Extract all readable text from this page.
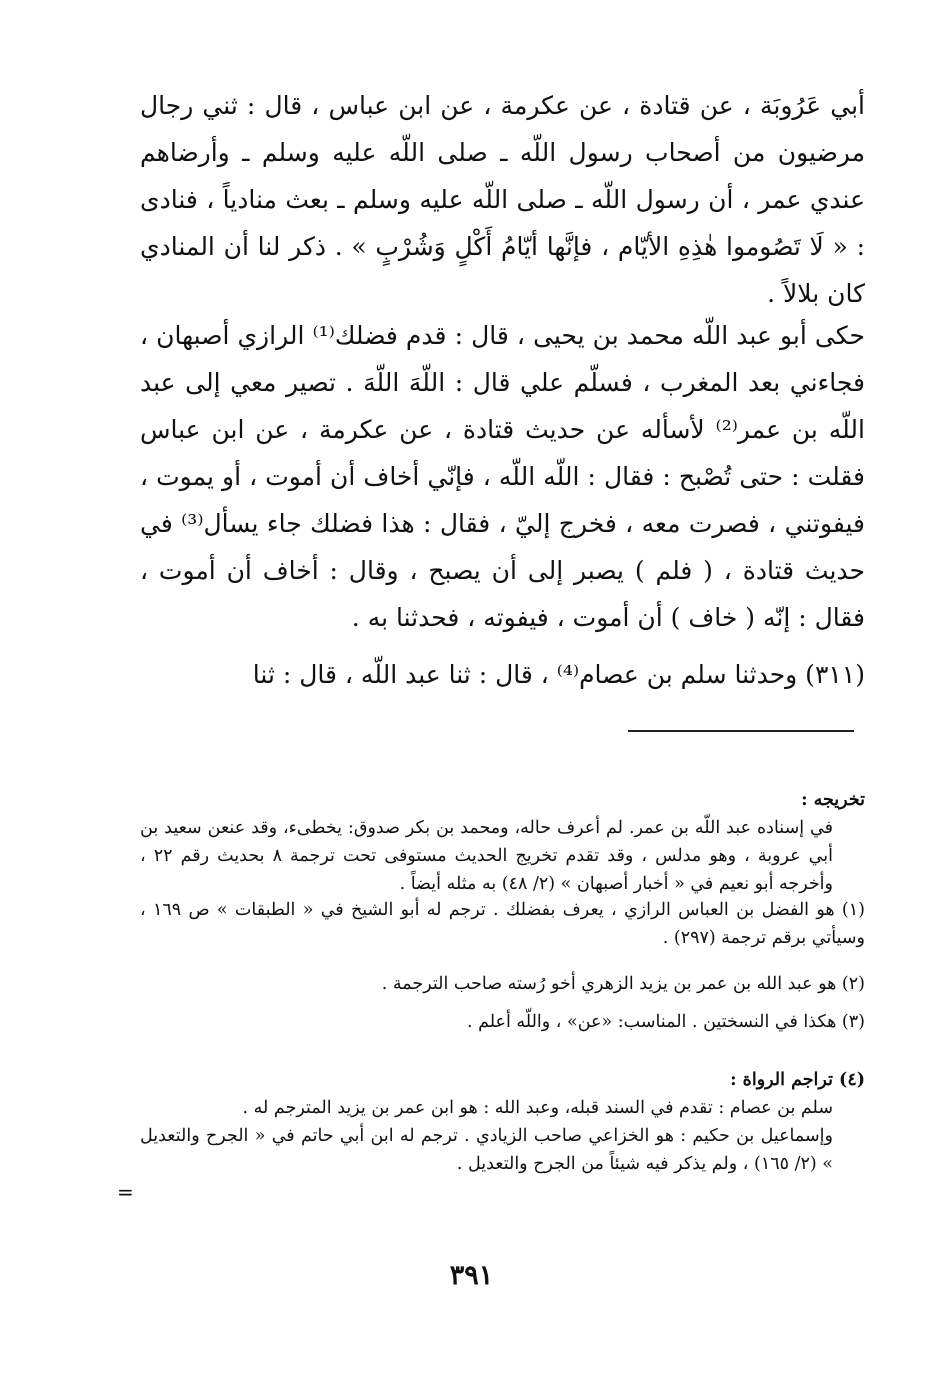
أبي عَرُوبَة ، عن قتادة ، عن عكرمة ، عن ابن عباس ، قال : ثني رجال مرضيون من أصحاب رسول اللّه ـ صلى اللّه عليه وسلم ـ وأرضاهم عندي عمر ، أن رسول اللّه ـ صلى اللّه عليه وسلم ـ بعث منادياً ، فنادى : « لَا تَصُوموا هٰذِهِ الأيّام ، فإنَّها أيّامُ أَكْلٍ وَشُرْبٍ » . ذكر لنا أن المنادي كان بلالاً .

حكى أبو عبد اللّه محمد بن يحيى ، قال : قدم فضلك⁽¹⁾ الرازي أصبهان ، فجاءني بعد المغرب ، فسلّم علي قال : اللّهَ اللّهَ . تصير معي إلى عبد اللّه بن عمر⁽²⁾ لأسأله عن حديث قتادة ، عن عكرمة ، عن ابن عباس فقلت : حتى تُصْبح : فقال : اللّه اللّه ، فإنّي أخاف أن أموت ، أو يموت ، فيفوتني ، فصرت معه ، فخرج إليّ ، فقال : هذا فضلك جاء يسأل⁽³⁾ في حديث قتادة ، ( فلم ) يصبر إلى أن يصبح ، وقال : أخاف أن أموت ، فقال : إنّه ( خاف ) أن أموت ، فيفوته ، فحدثنا به .

(٣١١) وحدثنا سلم بن عصام⁽⁴⁾ ، قال : ثنا عبد اللّه ، قال : ثنا

تخريجه :

في إسناده عبد اللّه بن عمر. لم أعرف حاله، ومحمد بن بكر صدوق: يخطىء، وقد عنعن سعيد بن أبي عروبة ، وهو مدلس ، وقد تقدم تخريج الحديث مستوفى تحت ترجمة ٨ بحديث رقم ٢٢ ، وأخرجه أبو نعيم في « أخبار أصبهان » (٢/ ٤٨) به مثله أيضاً .

(١) هو الفضل بن العباس الرازي ، يعرف بفضلك . ترجم له أبو الشيخ في « الطبقات » ص ١٦٩ ، وسيأتي برقم ترجمة (٢٩٧) .

(٢) هو عبد الله بن عمر بن يزيد الزهري أخو رُسته صاحب الترجمة .

(٣) هكذا في النسختين . المناسب: «عن» ، واللّه أعلم .

(٤) تراجم الرواة :

سلم بن عصام : تقدم في السند قبله، وعبد الله : هو ابن عمر بن يزيد المترجم له .

وإسماعيل بن حكيم : هو الخزاعي صاحب الزيادي . ترجم له ابن أبي حاتم في « الجرح والتعديل » (٢/ ١٦٥) ، ولم يذكر فيه شيئاً من الجرح والتعديل .

=
٣٩١
